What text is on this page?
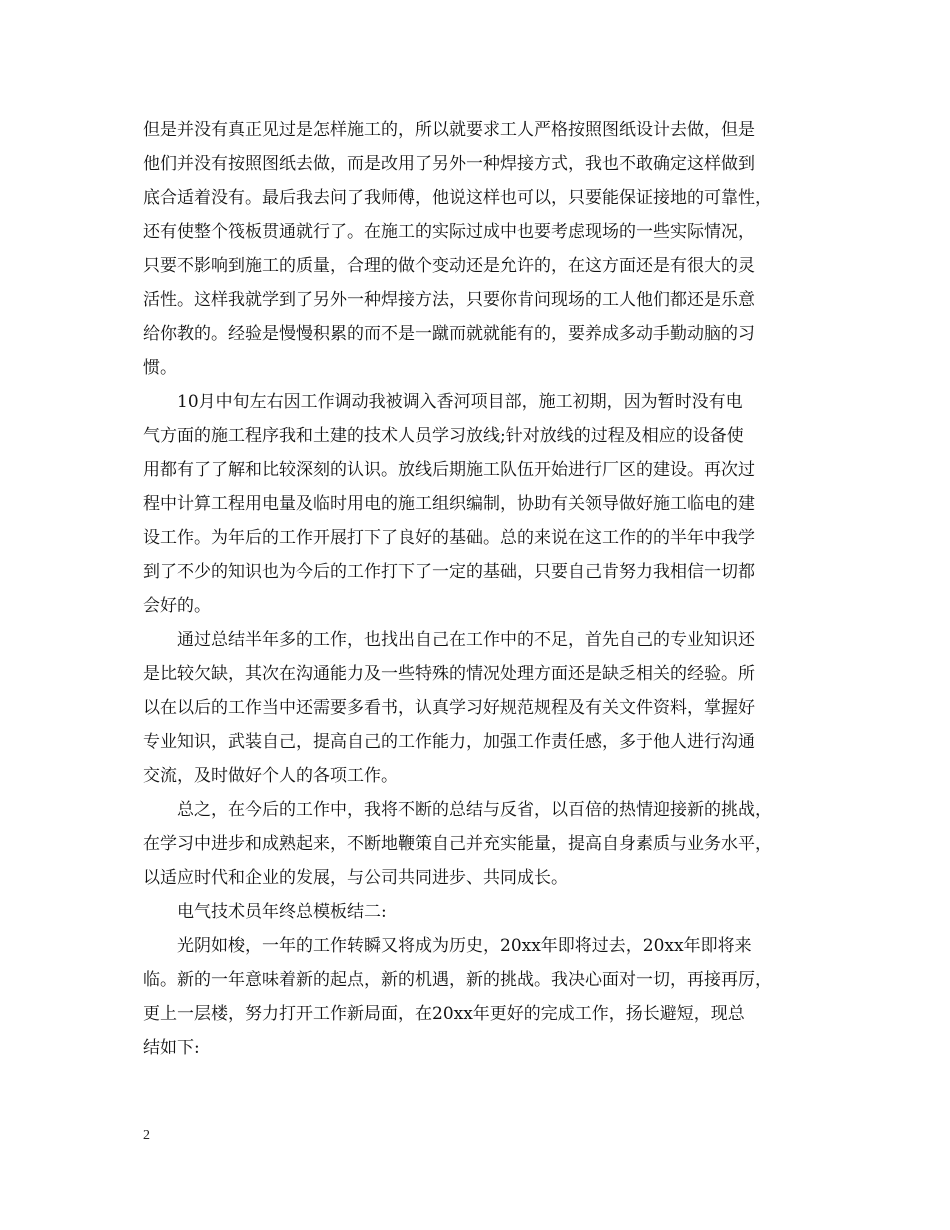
但是并没有真正见过是怎样施工的，所以就要求工人严格按照图纸设计去做，但是
他们并没有按照图纸去做，而是改用了另外一种焊接方式，我也不敢确定这样做到
底合适着没有。最后我去问了我师傅，他说这样也可以，只要能保证接地的可靠性，
还有使整个筏板贯通就行了。在施工的实际过成中也要考虑现场的一些实际情况，
只要不影响到施工的质量，合理的做个变动还是允许的，在这方面还是有很大的灵
活性。这样我就学到了另外一种焊接方法，只要你肯问现场的工人他们都还是乐意
给你教的。经验是慢慢积累的而不是一蹴而就就能有的，要养成多动手勤动脑的习
惯。
10月中旬左右因工作调动我被调入香河项目部，施工初期，因为暂时没有电
气方面的施工程序我和土建的技术人员学习放线;针对放线的过程及相应的设备使
用都有了了解和比较深刻的认识。放线后期施工队伍开始进行厂区的建设。再次过
程中计算工程用电量及临时用电的施工组织编制，协助有关领导做好施工临电的建
设工作。为年后的工作开展打下了良好的基础。总的来说在这工作的的半年中我学
到了不少的知识也为今后的工作打下了一定的基础，只要自己肯努力我相信一切都
会好的。
通过总结半年多的工作，也找出自己在工作中的不足，首先自己的专业知识还
是比较欠缺，其次在沟通能力及一些特殊的情况处理方面还是缺乏相关的经验。所
以在以后的工作当中还需要多看书，认真学习好规范规程及有关文件资料，掌握好
专业知识，武装自己，提高自己的工作能力，加强工作责任感，多于他人进行沟通
交流，及时做好个人的各项工作。
总之，在今后的工作中，我将不断的总结与反省，以百倍的热情迎接新的挑战，
在学习中进步和成熟起来，不断地鞭策自己并充实能量，提高自身素质与业务水平，
以适应时代和企业的发展，与公司共同进步、共同成长。
电气技术员年终总模板结二:
光阴如梭，一年的工作转瞬又将成为历史，20xx年即将过去，20xx年即将来
临。新的一年意味着新的起点，新的机遇，新的挑战。我决心面对一切，再接再厉，
更上一层楼，努力打开工作新局面，在20xx年更好的完成工作，扬长避短，现总
结如下:
2
